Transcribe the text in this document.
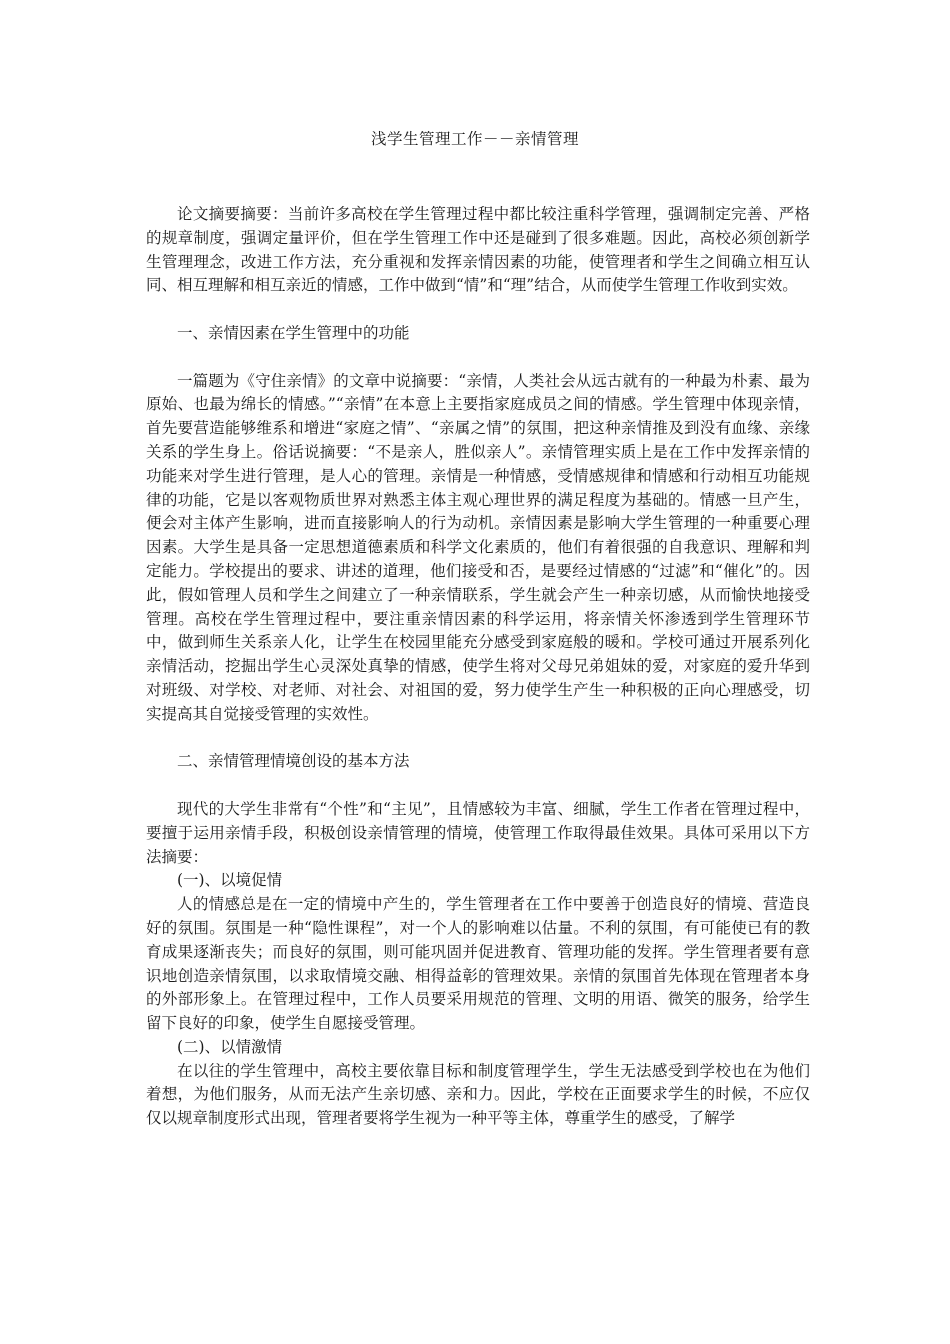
浅学生管理工作－－亲情管理

论文摘要摘要：当前许多高校在学生管理过程中都比较注重科学管理，强调制定完善、严格的规章制度，强调定量评价，但在学生管理工作中还是碰到了很多难题。因此，高校必须创新学生管理理念，改进工作方法，充分重视和发挥亲情因素的功能，使管理者和学生之间确立相互认同、相互理解和相互亲近的情感，工作中做到“情”和“理”结合，从而使学生管理工作收到实效。

一、亲情因素在学生管理中的功能

一篇题为《守住亲情》的文章中说摘要：“亲情，人类社会从远古就有的一种最为朴素、最为原始、也最为绵长的情感。”“亲情”在本意上主要指家庭成员之间的情感。学生管理中体现亲情，首先要营造能够维系和增进“家庭之情”、“亲属之情”的氛围，把这种亲情推及到没有血缘、亲缘关系的学生身上。俗话说摘要：“不是亲人，胜似亲人”。亲情管理实质上是在工作中发挥亲情的功能来对学生进行管理，是人心的管理。亲情是一种情感，受情感规律和情感和行动相互功能规律的功能，它是以客观物质世界对熟悉主体主观心理世界的满足程度为基础的。情感一旦产生，便会对主体产生影响，进而直接影响人的行为动机。亲情因素是影响大学生管理的一种重要心理因素。大学生是具备一定思想道德素质和科学文化素质的，他们有着很强的自我意识、理解和判定能力。学校提出的要求、讲述的道理，他们接受和否，是要经过情感的“过滤”和“催化”的。因此，假如管理人员和学生之间建立了一种亲情联系，学生就会产生一种亲切感，从而愉快地接受管理。高校在学生管理过程中，要注重亲情因素的科学运用，将亲情关怀渗透到学生管理环节中，做到师生关系亲人化，让学生在校园里能充分感受到家庭般的暖和。学校可通过开展系列化亲情活动，挖掘出学生心灵深处真挚的情感，使学生将对父母兄弟姐妹的爱，对家庭的爱升华到对班级、对学校、对老师、对社会、对祖国的爱，努力使学生产生一种积极的正向心理感受，切实提高其自觉接受管理的实效性。

二、亲情管理情境创设的基本方法

现代的大学生非常有“个性”和“主见”，且情感较为丰富、细腻，学生工作者在管理过程中，要擅于运用亲情手段，积极创设亲情管理的情境，使管理工作取得最佳效果。具体可采用以下方法摘要：

(一)、以境促情

人的情感总是在一定的情境中产生的，学生管理者在工作中要善于创造良好的情境、营造良好的氛围。氛围是一种“隐性课程”，对一个人的影响难以估量。不利的氛围，有可能使已有的教育成果逐渐丧失；而良好的氛围，则可能巩固并促进教育、管理功能的发挥。学生管理者要有意识地创造亲情氛围，以求取情境交融、相得益彰的管理效果。亲情的氛围首先体现在管理者本身的外部形象上。在管理过程中，工作人员要采用规范的管理、文明的用语、微笑的服务，给学生留下良好的印象，使学生自愿接受管理。

(二)、以情激情

在以往的学生管理中，高校主要依靠目标和制度管理学生，学生无法感受到学校也在为他们着想，为他们服务，从而无法产生亲切感、亲和力。因此，学校在正面要求学生的时候，不应仅仅以规章制度形式出现，管理者要将学生视为一种平等主体，尊重学生的感受，了解学
